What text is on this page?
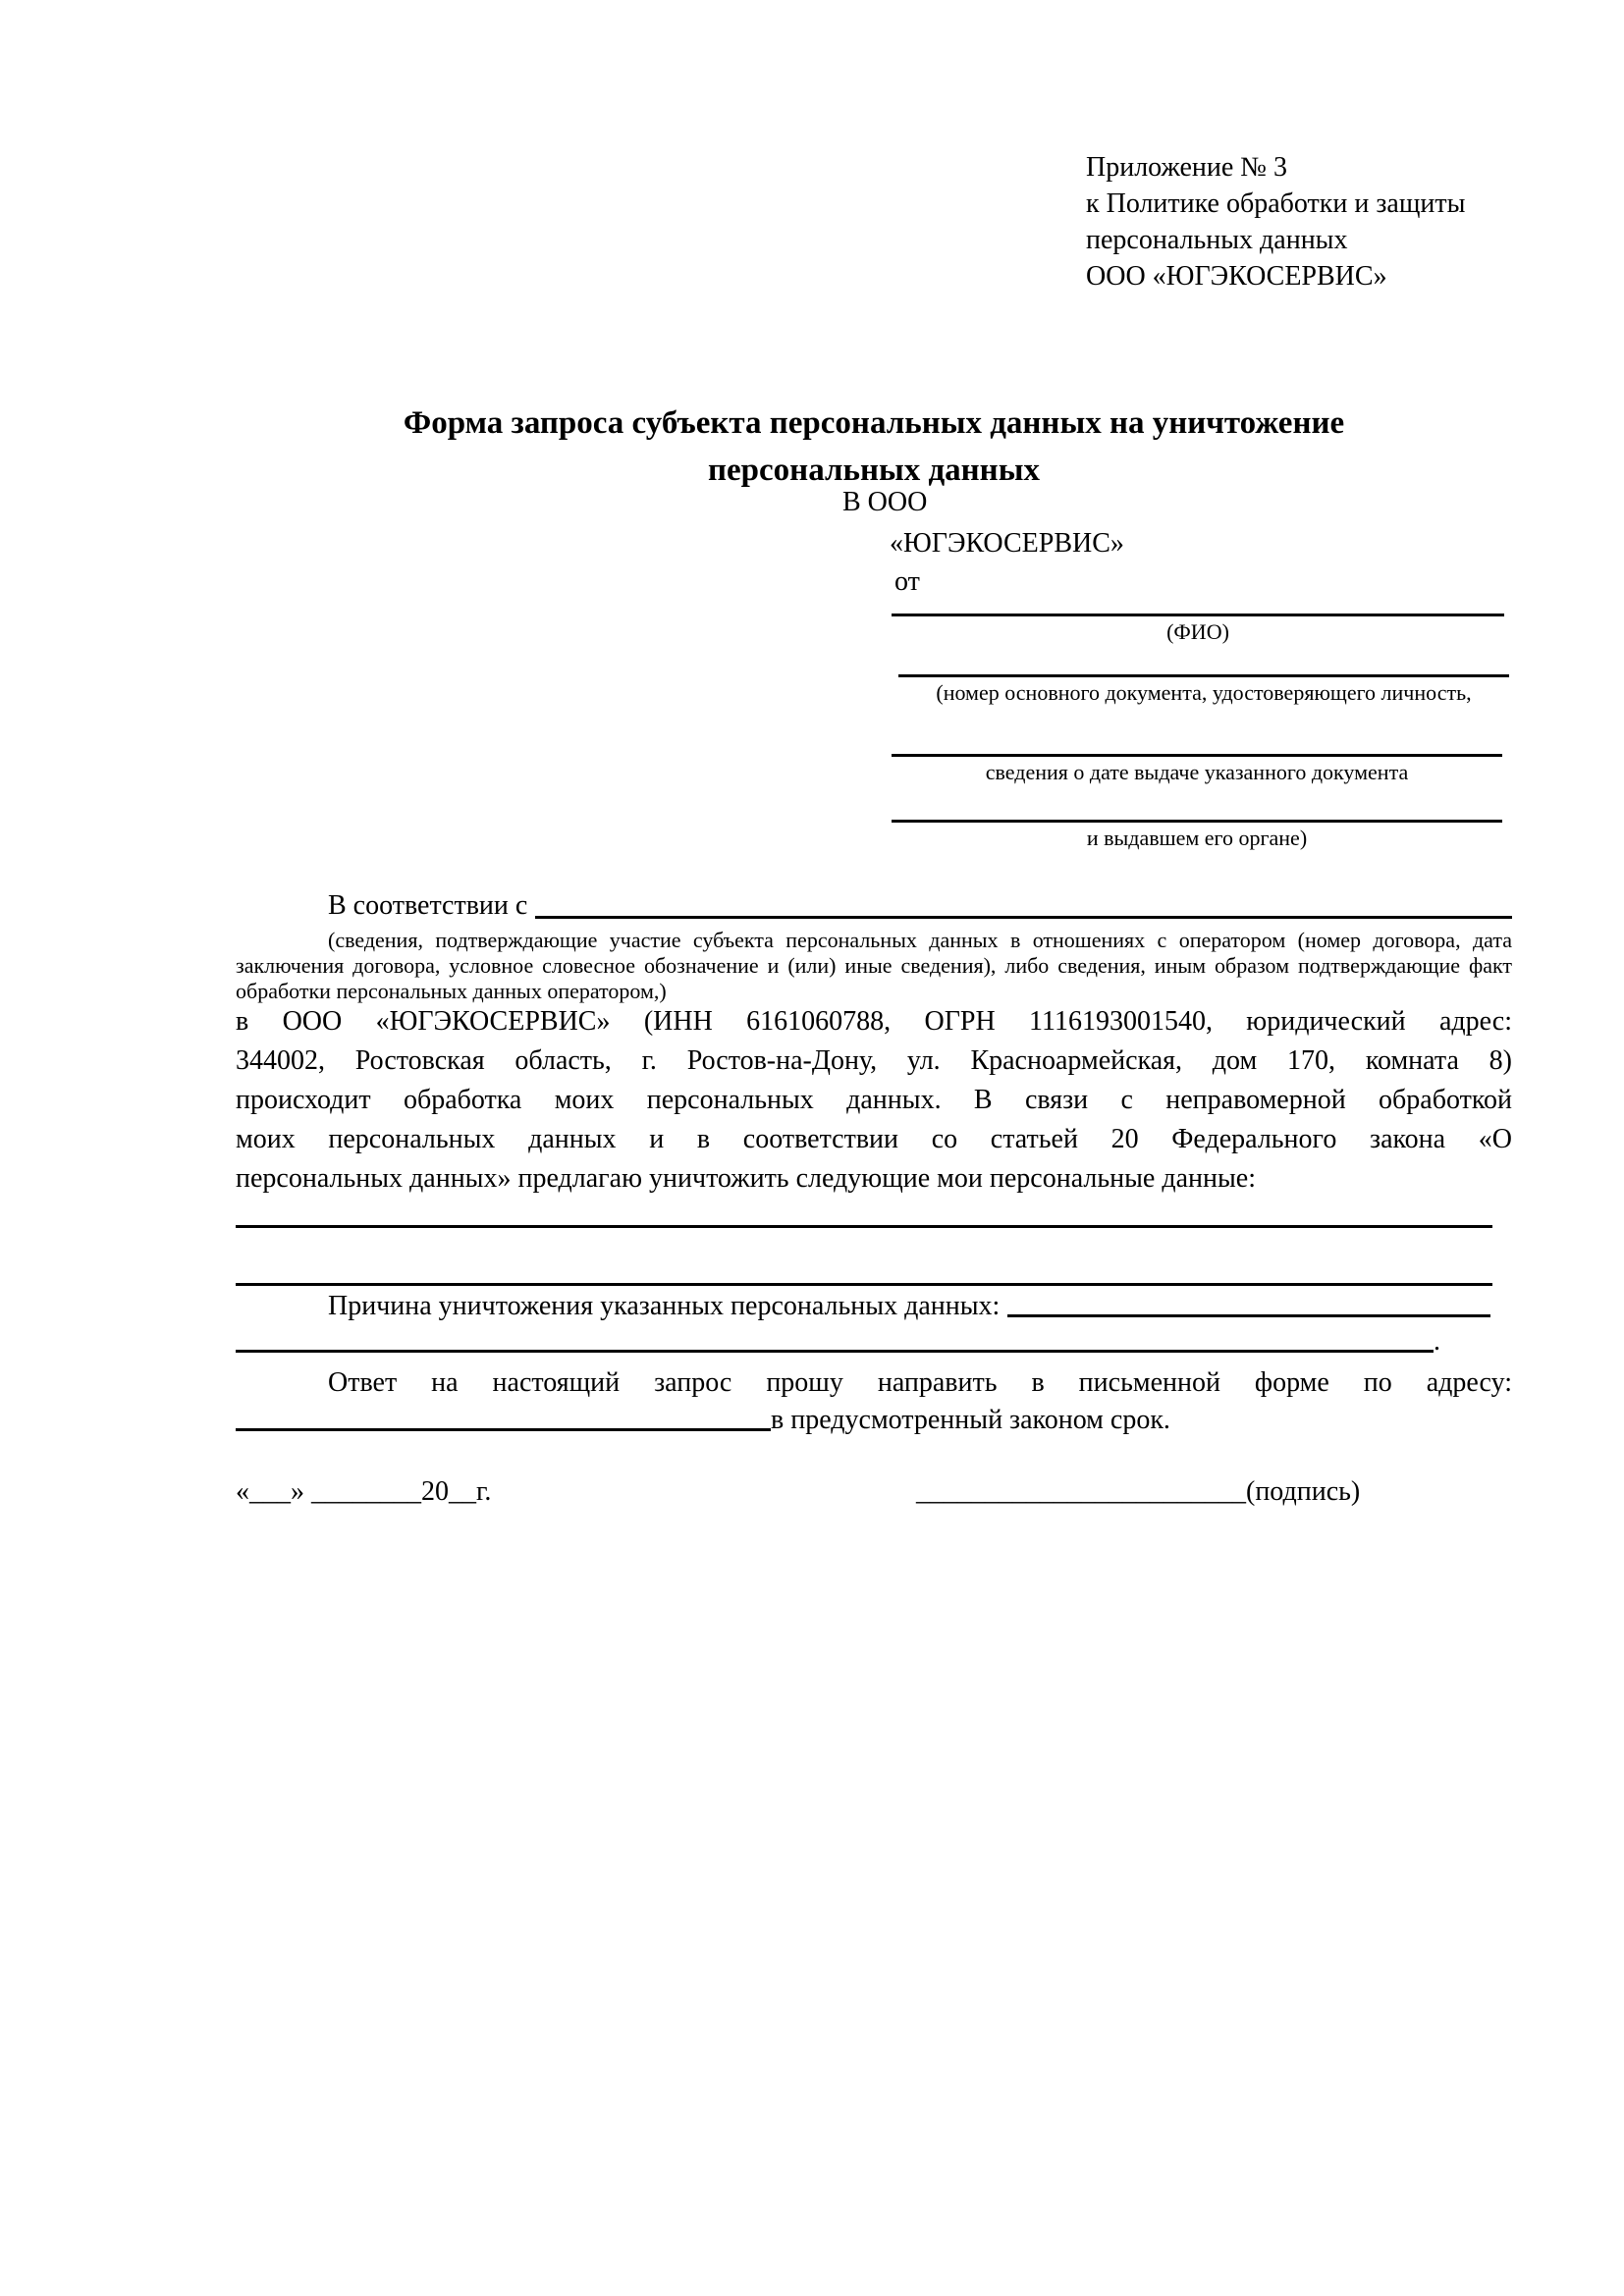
Приложение № 3
к Политике обработки и защиты
персональных данных
ООО «ЮГЭКОСЕРВИС»
Форма запроса субъекта персональных данных на уничтожение
персональных данных
В ООО
«ЮГЭКОСЕРВИС»
от
(ФИО)
(номер основного документа, удостоверяющего личность,
сведения о дате выдаче указанного документа
и выдавшем его органе)
В соответствии с
(сведения, подтверждающие участие субъекта персональных данных в отношениях с оператором (номер договора, дата
заключения договора, условное словесное обозначение и (или) иные сведения), либо сведения, иным образом подтверждающие факт
обработки персональных данных оператором,)
в ООО «ЮГЭКОСЕРВИС» (ИНН 6161060788, ОГРН 1116193001540, юридический адрес:
344002, Ростовская область, г. Ростов-на-Дону, ул. Красноармейская, дом 170, комната 8)
происходит обработка моих персональных данных. В связи с неправомерной обработкой
моих персональных данных и в соответствии со статьей 20 Федерального закона «О
персональных данных» предлагаю уничтожить следующие мои персональные данные:
Причина уничтожения указанных персональных данных:
.
Ответ на настоящий запрос прошу направить в письменной форме по адресу:
в предусмотренный законом срок.
«___» ________20__г.	________________________(подпись)
